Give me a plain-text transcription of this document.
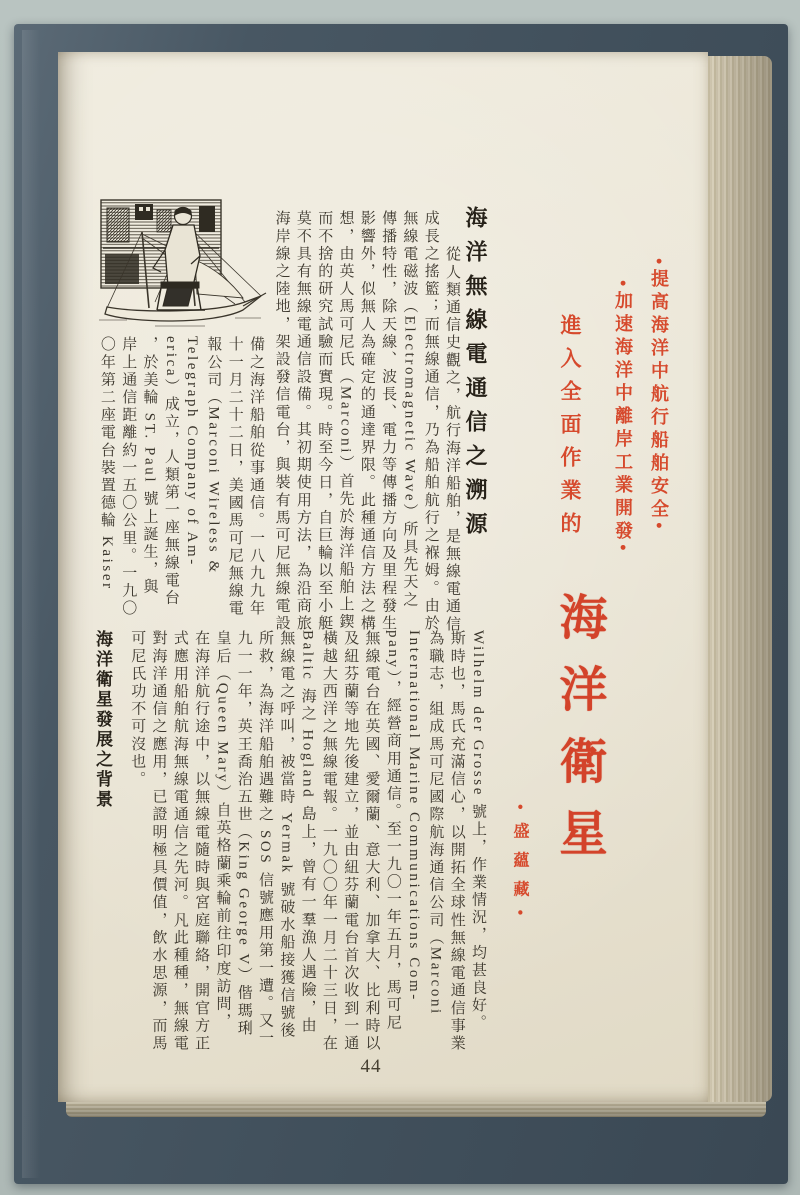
•提高海洋中航行船舶安全•
•加速海洋中離岸工業開發•
進入全面作業的
海洋衛星
•盛蘊藏•
海洋無線電通信之溯源
從人類通信史觀之，航行海洋船舶，是無線電通信
成長之搖籃；而無線通信，乃為船舶航行之褓姆。由於
無線電磁波（Electromagnetic Wave）所具先天之
傳播特性，除天線、波長、電力等傳播方向及里程發生
影響外，似無人為確定的通達界限。此種通信方法之構
想，由英人馬可尼氏（Marconi）首先於海洋船舶上鍥
而不捨的研究試驗而實現。時至今日，自巨輪以至小艇
莫不具有無線電通信設備。其初期使用方法，為沿商旅
海岸線之陸地，架設發信電台，與裝有馬可尼無線電設
備之海洋船舶從事通信。一八九九年
十一月二十二日，美國馬可尼無線電
報公司（Marconi Wireless &
Telegraph Company of Am-
erica）成立，人類第一座無線電台
，於美輪 ST. Paul 號上誕生，與
岸上通信距離約一五〇公里。一九〇
〇年第二座電台裝置德輪 Kaiser
Wilhelm der Grosse 號上，作業情況，均甚良好。
斯時也，馬氏充滿信心，以開拓全球性無線電通信事業
為職志，組成馬可尼國際航海通信公司（Marconi
International Marine Communications Com-
pany），經營商用通信。至一九〇一年五月，馬可尼
無線電台在英國、愛爾蘭、意大利、加拿大、比利時以
及紐芬蘭等地先後建立，並由紐芬蘭電台首次收到一通
橫越大西洋之無線電報。一九〇〇年一月二十三日，在
Baltic 海之 Hogland 島上，曾有一羣漁人遇險，由
無線電之呼叫，被當時 Yermak 號破水船接獲信號後
所救，為海洋船舶遇難之 SOS 信號應用第一遭。又一
九一一年，英王喬治五世（King George V）偕瑪琍
皇后（Queen Mary）自英格蘭乘輪前往印度訪問，
在海洋航行途中，以無線電隨時與宮庭聯絡，開官方正
式應用船舶航海無線電通信之先河。凡此種種，無線電
對海洋通信之應用，已證明極具價值，飲水思源，而馬
可尼氏功不可沒也。
海洋衛星發展之背景
44
